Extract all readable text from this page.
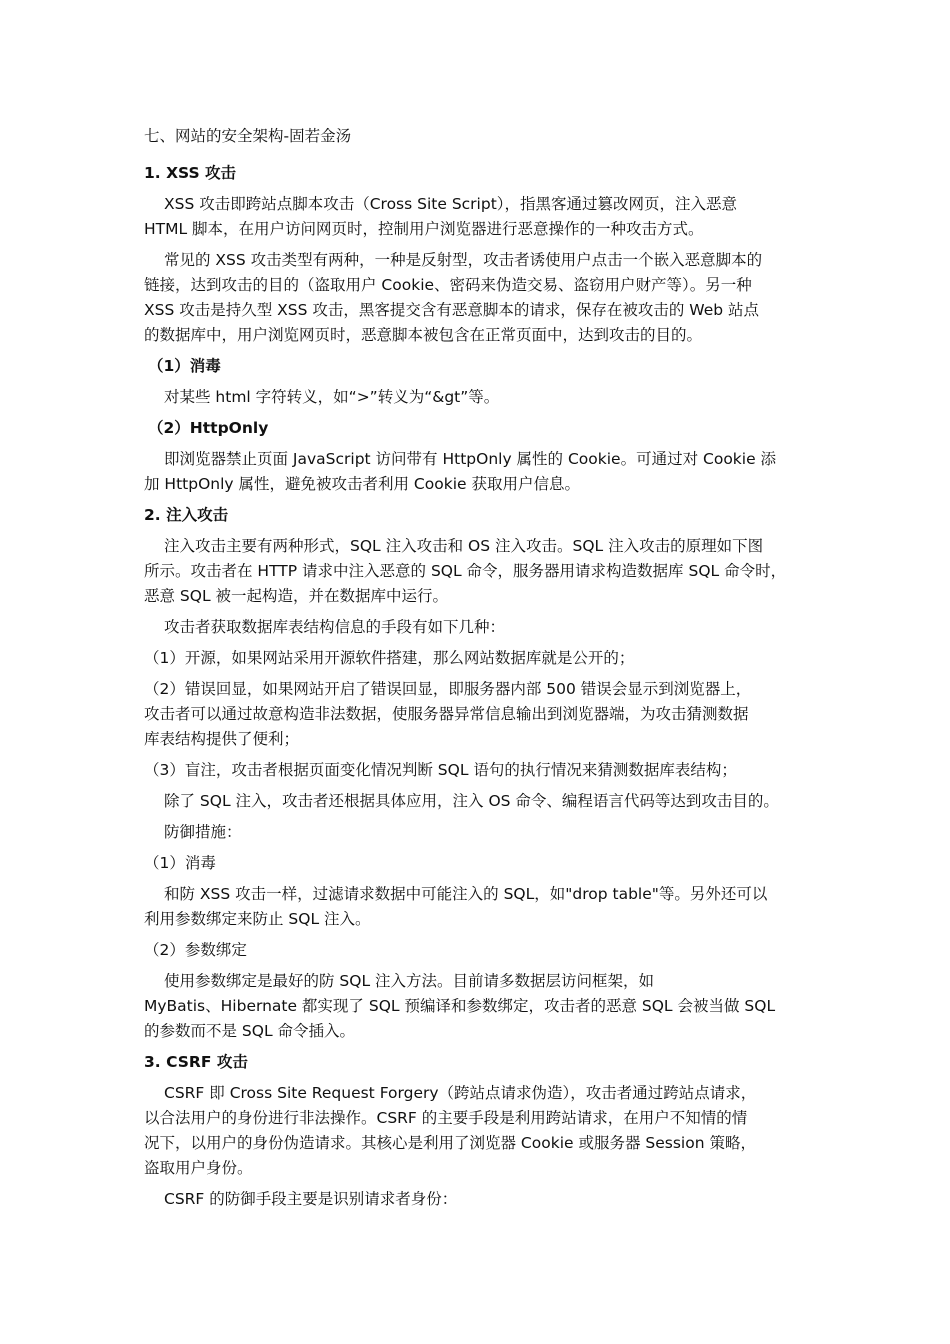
七、网站的安全架构-固若金汤
1. XSS 攻击
XSS 攻击即跨站点脚本攻击（Cross Site Script），指黑客通过篡改网页，注入恶意
HTML 脚本，在用户访问网页时，控制用户浏览器进行恶意操作的一种攻击方式。
常见的 XSS 攻击类型有两种，一种是反射型，攻击者诱使用户点击一个嵌入恶意脚本的
链接，达到攻击的目的（盗取用户 Cookie、密码来伪造交易、盗窃用户财产等）。另一种
XSS 攻击是持久型 XSS 攻击，黑客提交含有恶意脚本的请求，保存在被攻击的 Web 站点
的数据库中，用户浏览网页时，恶意脚本被包含在正常页面中，达到攻击的目的。
（1）消毒
对某些 html 字符转义，如“>”转义为“&gt”等。
（2）HttpOnly
即浏览器禁止页面 JavaScript 访问带有 HttpOnly 属性的 Cookie。可通过对 Cookie 添
加 HttpOnly 属性，避免被攻击者利用 Cookie 获取用户信息。
2. 注入攻击
注入攻击主要有两种形式，SQL 注入攻击和 OS 注入攻击。SQL 注入攻击的原理如下图
所示。攻击者在 HTTP 请求中注入恶意的 SQL 命令，服务器用请求构造数据库 SQL 命令时，
恶意 SQL 被一起构造，并在数据库中运行。
攻击者获取数据库表结构信息的手段有如下几种：
（1）开源，如果网站采用开源软件搭建，那么网站数据库就是公开的；
（2）错误回显，如果网站开启了错误回显，即服务器内部 500 错误会显示到浏览器上，
攻击者可以通过故意构造非法数据，使服务器异常信息输出到浏览器端，为攻击猜测数据
库表结构提供了便利；
（3）盲注，攻击者根据页面变化情况判断 SQL 语句的执行情况来猜测数据库表结构；
除了 SQL 注入，攻击者还根据具体应用，注入 OS 命令、编程语言代码等达到攻击目的。
防御措施：
（1）消毒
和防 XSS 攻击一样，过滤请求数据中可能注入的 SQL，如"drop table"等。另外还可以
利用参数绑定来防止 SQL 注入。
（2）参数绑定
使用参数绑定是最好的防 SQL 注入方法。目前请多数据层访问框架，如
MyBatis、Hibernate 都实现了 SQL 预编译和参数绑定，攻击者的恶意 SQL 会被当做 SQL
的参数而不是 SQL 命令插入。
3. CSRF 攻击
CSRF 即 Cross Site Request Forgery（跨站点请求伪造），攻击者通过跨站点请求，
以合法用户的身份进行非法操作。CSRF 的主要手段是利用跨站请求，在用户不知情的情
况下，以用户的身份伪造请求。其核心是利用了浏览器 Cookie 或服务器 Session 策略，
盗取用户身份。
CSRF 的防御手段主要是识别请求者身份：
